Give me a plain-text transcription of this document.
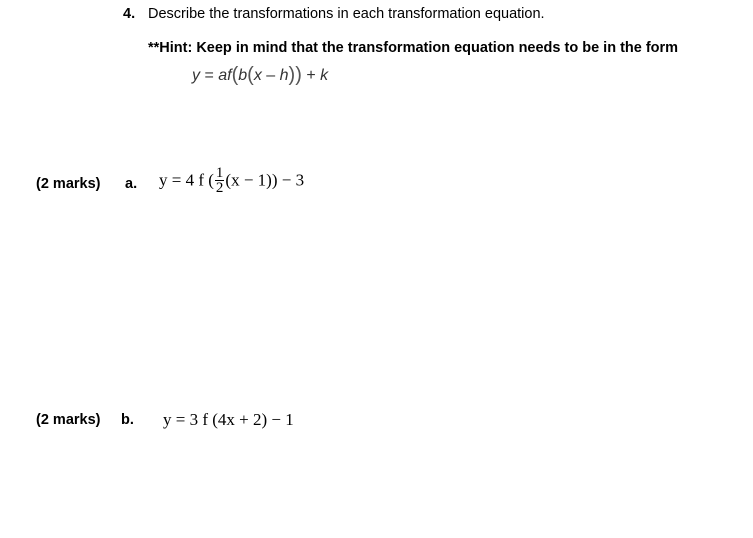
4. Describe the transformations in each transformation equation.
**Hint: Keep in mind that the transformation equation needs to be in the form
y = af(b(x – h)) + k
(2 marks) a. y = 4 f ( $\frac{1}{2} (x - 1)) - 3$
(2 marks) b. y = 3 f (4x + 2) − 1
